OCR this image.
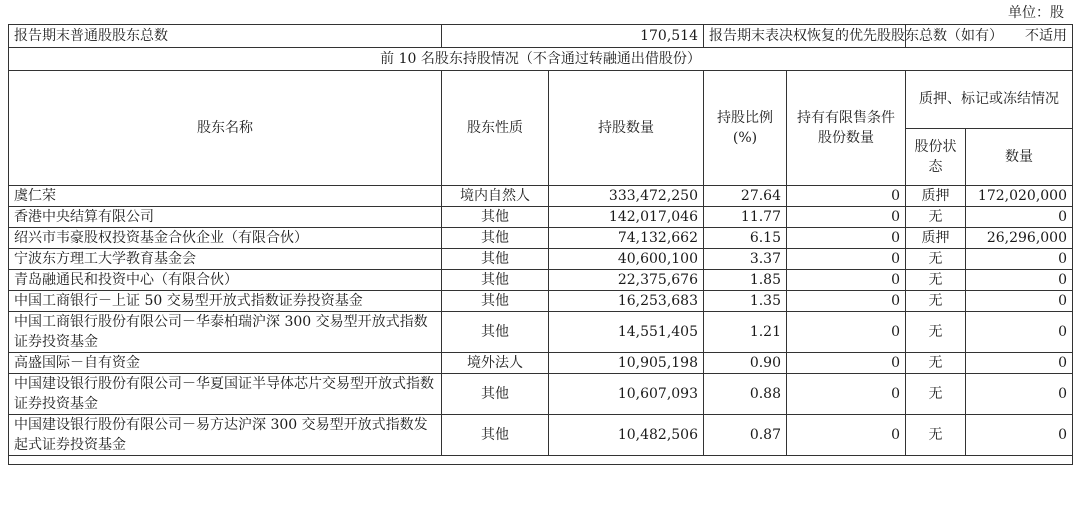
单位：股
报告期末普通股股东总数	170,514		报告期末表决权恢复的优先股股东总数（如有）		不适用	
前 10 名股东持股情况（不含通过转融通出借股份）						
股东名称	股东性质	持股数量	持股比例(%)	持有有限售条件股份数量	质押、标记或冻结情况	
					股份状态	数量
虞仁荣	境内自然人	333,472,250	27.64	0	质押	172,020,000
香港中央结算有限公司	其他	142,017,046	11.77	0	无	0
绍兴市韦豪股权投资基金合伙企业（有限合伙）	其他	74,132,662	6.15	0	质押	26,296,000
宁波东方理工大学教育基金会	其他	40,600,100	3.37	0	无	0
青岛融通民和投资中心（有限合伙）	其他	22,375,676	1.85	0	无	0
中国工商银行－上证 50 交易型开放式指数证券投资基金	其他	16,253,683	1.35	0	无	0
中国工商银行股份有限公司－华泰柏瑞沪深 300 交易型开放式指数证券投资基金	其他	14,551,405	1.21	0	无	0
高盛国际－自有资金	境外法人	10,905,198	0.90	0	无	0
中国建设银行股份有限公司－华夏国证半导体芯片交易型开放式指数证券投资基金	其他	10,607,093	0.88	0	无	0
中国建设银行股份有限公司－易方达沪深 300 交易型开放式指数发起式证券投资基金	其他	10,482,506	0.87	0	无	0
